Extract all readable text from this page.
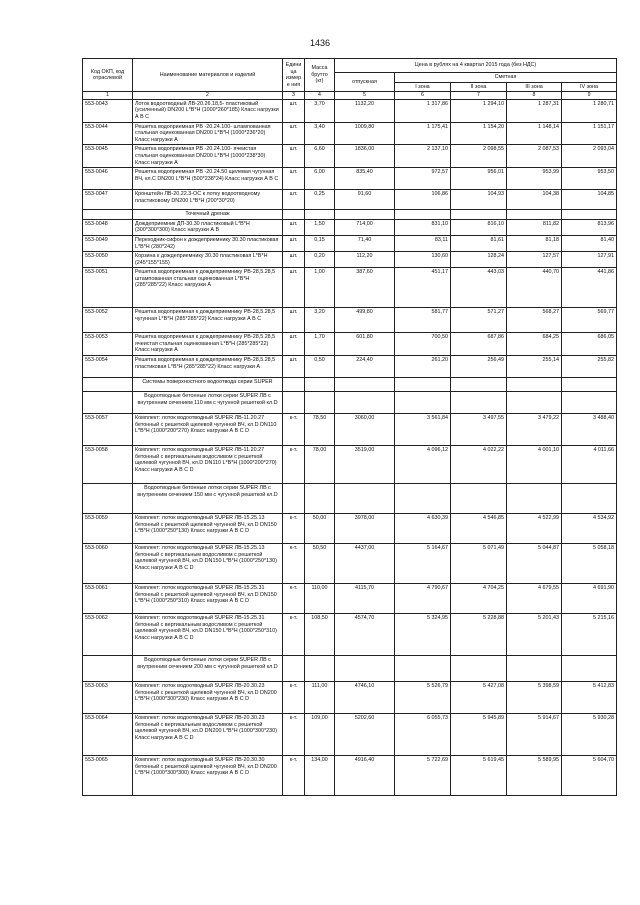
1436
Код ОКП, код отраслевой	Наименование материалов и изделий	Едини ца измере ния	Масса брутто (кг)	Цена в рублях на 4 квартал 2015 года (без НДС)				
				отпускная	Сметная			
					I зона	II зона	III зона	IV зона
1	2	3	4	5	6	7	8	9
553-0043	Лоток водоотводный ЛВ-20.26.18,5- пластиковый (усиленный) DN200 L*В*Н (1000*260*185) Класс нагрузки А В С	шт.	3,70	1132,20	1 317,86	1 294,10	1 287,31	1 280,71
553-0044	Решетка водоприемная РВ -20.24.100- штампованная стальная оцинкованная DN200 L*В*Н (1000*236*20) Класс нагрузки А	шт.	3,40	1009,80	1 175,41	1 154,20	1 148,14	1 151,17
553-0045	Решетка водоприемная РВ -20.24.100- ячеистая стальная оцинкованная DN200 L*В*Н (1000*238*30) Класс нагрузки А	шт.	6,60	1836,00	2 137,10	2 098,55	2 087,53	2 093,04
553-0046	Решетка водоприемная РВ -20.24.50 щелевая чугунная ВЧ, кл.С DN200 L*В*Н (500*238*24) Класс нагрузки А В С	шт.	6,00	835,40	972,57	956,01	953,99	953,50
553-0047	Кронштейн ЛВ-20.22.3-ОС к лотку водоотводному пластиковому DN200 L*В*Н (200*30*20)	шт.	0,25	91,60	106,86	104,93	104,38	104,85
	Точечный дренаж							
553-0048	Дождеприемник ДП-30.30 пластиковый L*В*Н (300*300*300) Класс нагрузки А В	шт.	1,50	714,00	831,10	816,10	811,82	813,96
553-0049	Переходник-сифон к дождеприемнику 30.30 пластиковая L*В*Н (280*242)	шт.	0,15	71,40	83,11	81,61	81,18	81,40
553-0050	Корзина к дождеприемнику 30.30 пластиковая L*В*Н (245*155*155)	шт.	0,20	112,20	130,60	128,24	127,57	127,91
553-0051	Решетка водоприемная к дождеприемнику РВ-28,5.28,5 штампованная стальная оцинкованная L*В*Н (285*285*22) Класс нагрузки А	шт.	1,00	387,60	451,17	443,03	440,70	441,86
553-0052	Решетка водоприемная к дождеприемнику РВ-28,5.28,5 чугунная L*В*Н (285*285*22) Класс нагрузки А В С	шт.	3,20	499,80	581,77	571,27	568,27	569,77
553-0053	Решетка водоприемная к дождеприемнику РВ-28,5.28,5 ячеистая стальная оцинкованная L*В*Н (285*285*22) Класс нагрузки А	шт.	1,70	601,80	700,50	687,86	684,25	686,05
553-0054	Решетка водоприемная к дождеприемнику РВ-28,5.28,5 пластиковая L*В*Н (285*285*22) Класс нагрузки А	шт.	0,50	224,40	261,20	256,49	255,14	255,82
	Системы поверхностного водоотвода серии SUPER							
	Водоотводные бетонные лотки серии SUPER ЛВ с внутренним сечением 110 мм с чугунной решеткой кл.D							
553-0057	Комплект: лоток водоотводный SUPER ЛВ-11.20.27 бетонный с решеткой щелевой чугунной ВЧ, кл.D DN110 L*В*Н (1000*200*270) Класс нагрузки А В С D	к-т.	78,50	3060,00	3 561,84	3 497,55	3 479,22	3 488,40
553-0058	Комплект: лоток водоотводный SUPER ЛВ-11.20.27 бетонный с вертикальным водосливом с решеткой щелевой чугунной ВЧ, кл.D DN110 L*В*Н (1000*200*270) Класс нагрузки А В С D	к-т.	78,00	3519,00	4 096,12	4 022,22	4 001,10	4 011,66
	Водоотводные бетонные лотки серии SUPER ЛВ с внутренним сечением 150 мм с чугунной решеткой кл.D							
553-0059	Комплект: лоток водоотводный SUPER ЛВ-15.25.13 бетонный с решеткой щелевой чугунной ВЧ, кл.D DN150 L*В*Н (1000*250*130) Класс нагрузки А В С D	к-т.	50,00	3978,00	4 630,39	4 546,85	4 522,99	4 534,92
553-0060	Комплект: лоток водоотводный SUPER ЛВ-15.25.13 бетонный с вертикальным водосливом с решеткой щелевой чугунной ВЧ, кл.D DN150 L*В*Н (1000*250*130) Класс нагрузки А В С D	к-т.	50,50	4437,00	5 164,67	5 071,49	5 044,87	5 058,18
553-0061	Комплект: лоток водоотводный SUPER ЛВ-15.25.31 бетонный с решеткой щелевой чугунной ВЧ, кл.D DN150 L*В*Н (1000*250*310) Класс нагрузки А В С D	к-т.	110,00	4115,70	4 790,67	4 704,25	4 679,55	4 691,90
553-0062	Комплект: лоток водоотводный SUPER ЛВ-15.25.31 бетонный с вертикальным водосливом с решеткой щелевой чугунной ВЧ, кл.D DN150 L*В*Н (1000*250*310) Класс нагрузки А В С D	к-т.	108,50	4574,70	5 324,95	5 228,88	5 201,43	5 215,16
	Водоотводные бетонные лотки серии SUPER ЛВ с внутренним сечением 200 мм с чугунной решеткой кл.D							
553-0063	Комплект: лоток водоотводный SUPER ЛВ-20.30.23 бетонный с решеткой щелевой чугунной ВЧ, кл.D DN200 L*В*Н (1000*300*230) Класс нагрузки А В С D	к-т.	111,00	4746,10	5 526,79	5 427,08	5 398,59	5 412,83
553-0064	Комплект: лоток водоотводный SUPER ЛВ-20.30.23 бетонный с вертикальным водосливом с решеткой щелевой чугунной ВЧ, кл.D DN200 L*В*Н (1000*300*230) Класс нагрузки А В С D	к-т.	109,00	5202,60	6 055,73	5 945,89	5 914,67	5 930,28
553-0065	Комплект: лоток водоотводный SUPER ЛВ-20.30.30 бетонный с решеткой щелевой чугунной ВЧ, кл.D DN200 L*В*Н (1000*300*300) Класс нагрузки А В С D	к-т.	134,00	4916,40	5 722,69	5 619,45	5 589,95	5 604,70
